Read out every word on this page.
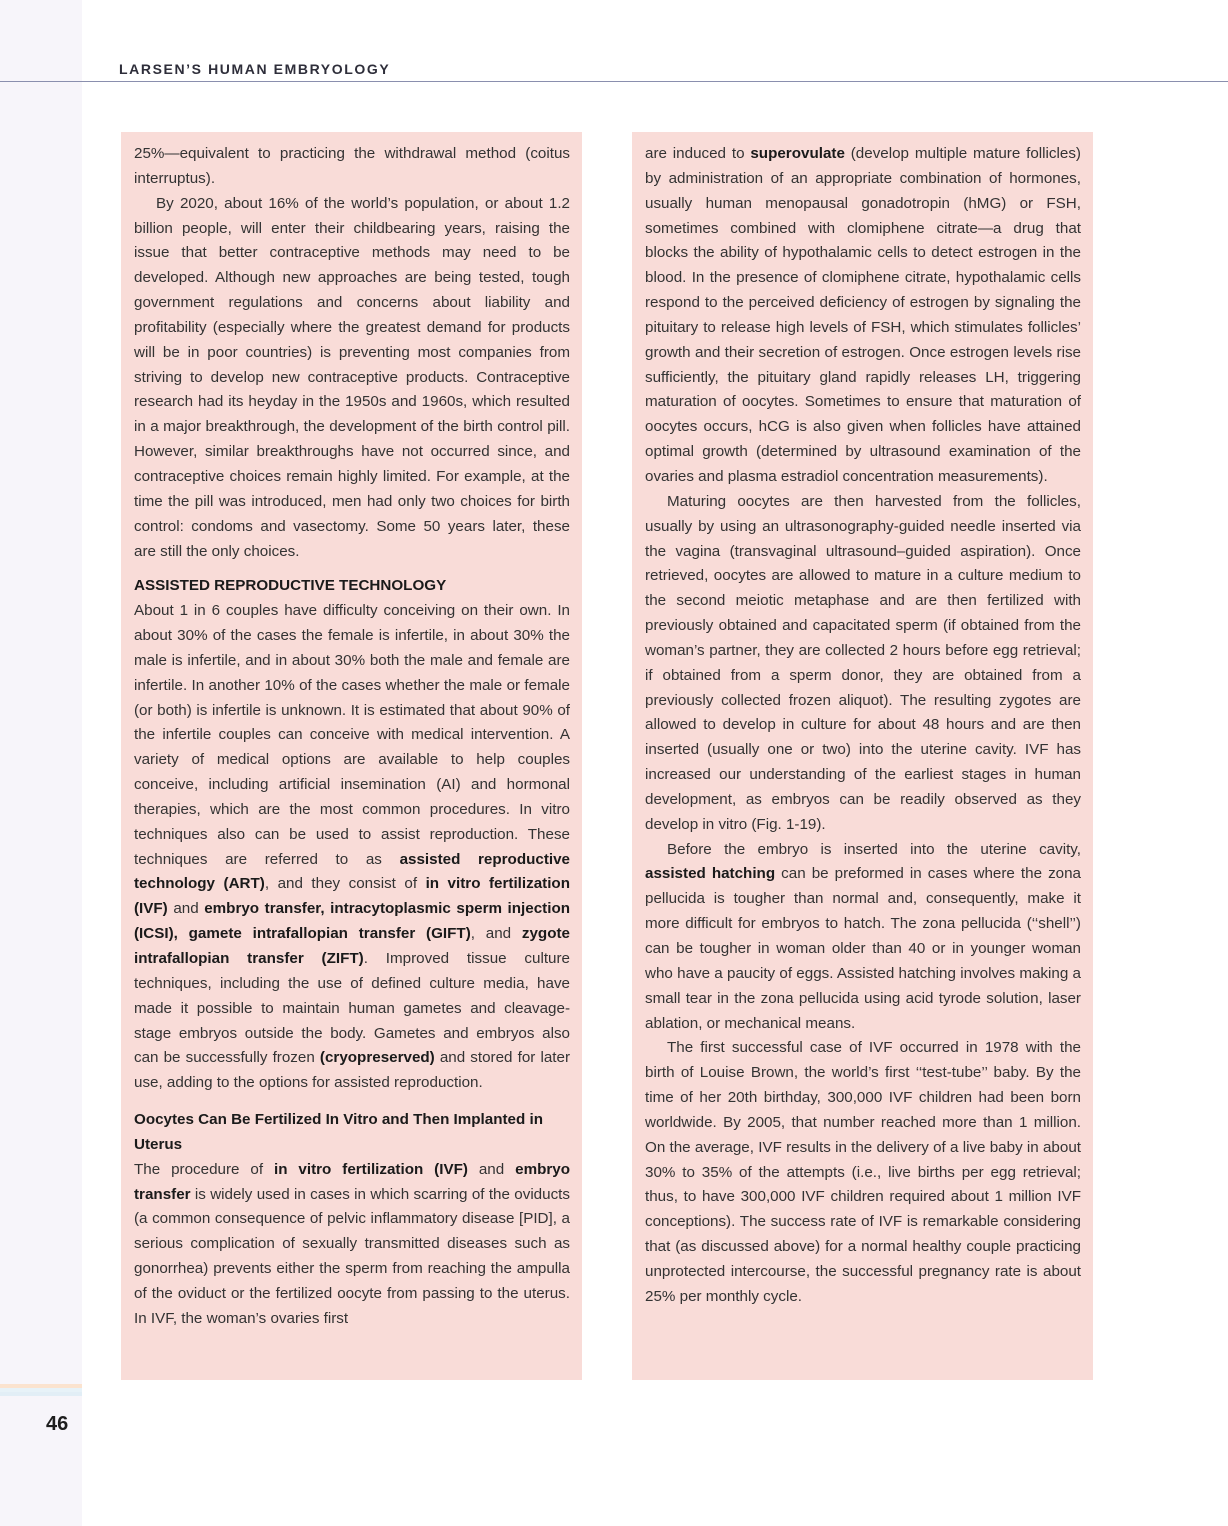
LARSEN’S HUMAN EMBRYOLOGY

25%—equivalent to practicing the withdrawal method (coitus interruptus).

By 2020, about 16% of the world’s population, or about 1.2 billion people, will enter their childbearing years, raising the issue that better contraceptive methods may need to be developed. Although new approaches are being tested, tough government regulations and concerns about liability and profitability (especially where the greatest demand for products will be in poor countries) is preventing most companies from striving to develop new contraceptive products. Contraceptive research had its heyday in the 1950s and 1960s, which resulted in a major breakthrough, the development of the birth control pill. However, similar breakthroughs have not occurred since, and contraceptive choices remain highly limited. For example, at the time the pill was introduced, men had only two choices for birth control: condoms and vasectomy. Some 50 years later, these are still the only choices.

ASSISTED REPRODUCTIVE TECHNOLOGY

About 1 in 6 couples have difficulty conceiving on their own. In about 30% of the cases the female is infertile, in about 30% the male is infertile, and in about 30% both the male and female are infertile. In another 10% of the cases whether the male or female (or both) is infertile is unknown. It is estimated that about 90% of the infertile couples can conceive with medical intervention. A variety of medical options are available to help couples conceive, including artificial insemination (AI) and hormonal therapies, which are the most common procedures. In vitro techniques also can be used to assist reproduction. These techniques are referred to as assisted reproductive technology (ART), and they consist of in vitro fertilization (IVF) and embryo transfer, intracytoplasmic sperm injection (ICSI), gamete intrafallopian transfer (GIFT), and zygote intrafallopian transfer (ZIFT). Improved tissue culture techniques, including the use of defined culture media, have made it possible to maintain human gametes and cleavage-stage embryos outside the body. Gametes and embryos also can be successfully frozen (cryopreserved) and stored for later use, adding to the options for assisted reproduction.

Oocytes Can Be Fertilized In Vitro and Then Implanted in Uterus

The procedure of in vitro fertilization (IVF) and embryo transfer is widely used in cases in which scarring of the oviducts (a common consequence of pelvic inflammatory disease [PID], a serious complication of sexually transmitted diseases such as gonorrhea) prevents either the sperm from reaching the ampulla of the oviduct or the fertilized oocyte from passing to the uterus. In IVF, the woman’s ovaries first

are induced to superovulate (develop multiple mature follicles) by administration of an appropriate combination of hormones, usually human menopausal gonadotropin (hMG) or FSH, sometimes combined with clomiphene citrate—a drug that blocks the ability of hypothalamic cells to detect estrogen in the blood. In the presence of clomiphene citrate, hypothalamic cells respond to the perceived deficiency of estrogen by signaling the pituitary to release high levels of FSH, which stimulates follicles’ growth and their secretion of estrogen. Once estrogen levels rise sufficiently, the pituitary gland rapidly releases LH, triggering maturation of oocytes. Sometimes to ensure that maturation of oocytes occurs, hCG is also given when follicles have attained optimal growth (determined by ultrasound examination of the ovaries and plasma estradiol concentration measurements).

Maturing oocytes are then harvested from the follicles, usually by using an ultrasonography-guided needle inserted via the vagina (transvaginal ultrasound–guided aspiration). Once retrieved, oocytes are allowed to mature in a culture medium to the second meiotic metaphase and are then fertilized with previously obtained and capacitated sperm (if obtained from the woman’s partner, they are collected 2 hours before egg retrieval; if obtained from a sperm donor, they are obtained from a previously collected frozen aliquot). The resulting zygotes are allowed to develop in culture for about 48 hours and are then inserted (usually one or two) into the uterine cavity. IVF has increased our understanding of the earliest stages in human development, as embryos can be readily observed as they develop in vitro (Fig. 1-19).

Before the embryo is inserted into the uterine cavity, assisted hatching can be preformed in cases where the zona pellucida is tougher than normal and, consequently, make it more difficult for embryos to hatch. The zona pellucida (‘‘shell’’) can be tougher in woman older than 40 or in younger woman who have a paucity of eggs. Assisted hatching involves making a small tear in the zona pellucida using acid tyrode solution, laser ablation, or mechanical means.

The first successful case of IVF occurred in 1978 with the birth of Louise Brown, the world’s first ‘‘test-tube’’ baby. By the time of her 20th birthday, 300,000 IVF children had been born worldwide. By 2005, that number reached more than 1 million. On the average, IVF results in the delivery of a live baby in about 30% to 35% of the attempts (i.e., live births per egg retrieval; thus, to have 300,000 IVF children required about 1 million IVF conceptions). The success rate of IVF is remarkable considering that (as discussed above) for a normal healthy couple practicing unprotected intercourse, the successful pregnancy rate is about 25% per monthly cycle.

46
